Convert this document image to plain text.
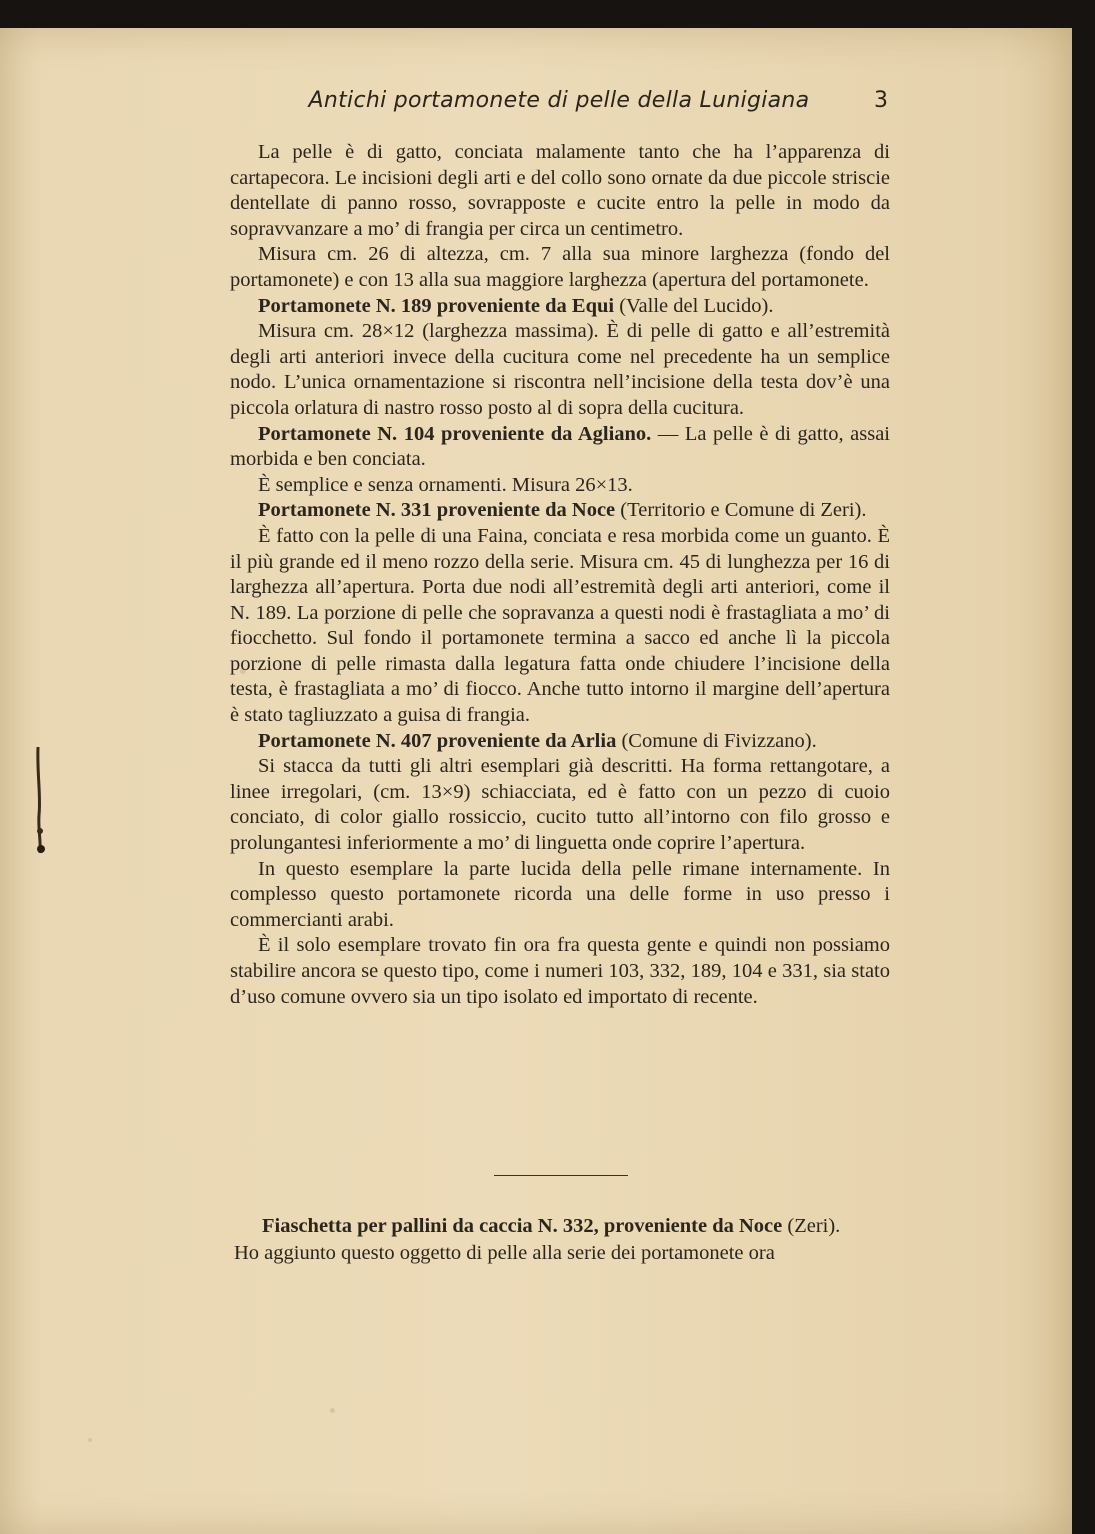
Antichi portamonete di pelle della Lunigiana	3

La pelle è di gatto, conciata malamente tanto che ha l’apparenza di cartapecora. Le incisioni degli arti e del collo sono ornate da due piccole striscie dentellate di panno rosso, sovrapposte e cucite entro la pelle in modo da sopravvanzare a mo’ di frangia per circa un centimetro.

Misura cm. 26 di altezza, cm. 7 alla sua minore larghezza (fondo del portamonete) e con 13 alla sua maggiore larghezza (apertura del portamonete.

Portamonete N. 189 proveniente da Equi (Valle del Lucido).

Misura cm. 28×12 (larghezza massima). È di pelle di gatto e all’estremità degli arti anteriori invece della cucitura come nel precedente ha un semplice nodo. L’unica ornamentazione si riscontra nell’incisione della testa dov’è una piccola orlatura di nastro rosso posto al di sopra della cucitura.

Portamonete N. 104 proveniente da Agliano. — La pelle è di gatto, assai morbida e ben conciata.

È semplice e senza ornamenti. Misura 26×13.

Portamonete N. 331 proveniente da Noce (Territorio e Comune di Zeri).

È fatto con la pelle di una Faina, conciata e resa morbida come un guanto. È il più grande ed il meno rozzo della serie. Misura cm. 45 di lunghezza per 16 di larghezza all’apertura. Porta due nodi all’estremità degli arti anteriori, come il N. 189. La porzione di pelle che sopravanza a questi nodi è frastagliata a mo’ di fiocchetto. Sul fondo il portamonete termina a sacco ed anche lì la piccola porzione di pelle rimasta dalla legatura fatta onde chiudere l’incisione della testa, è frastagliata a mo’ di fiocco. Anche tutto intorno il margine dell’apertura è stato tagliuzzato a guisa di frangia.

Portamonete N. 407 proveniente da Arlia (Comune di Fivizzano).

Si stacca da tutti gli altri esemplari già descritti. Ha forma rettangotare, a linee irregolari, (cm. 13×9) schiacciata, ed è fatto con un pezzo di cuoio conciato, di color giallo rossiccio, cucito tutto all’intorno con filo grosso e prolungantesi inferiormente a mo’ di linguetta onde coprire l’apertura.

In questo esemplare la parte lucida della pelle rimane internamente. In complesso questo portamonete ricorda una delle forme in uso presso i commercianti arabi.

È il solo esemplare trovato fin ora fra questa gente e quindi non possiamo stabilire ancora se questo tipo, come i numeri 103, 332, 189, 104 e 331, sia stato d’uso comune ovvero sia un tipo isolato ed importato di recente.

Fiaschetta per pallini da caccia N. 332, proveniente da Noce (Zeri).

Ho aggiunto questo oggetto di pelle alla serie dei portamonete ora
